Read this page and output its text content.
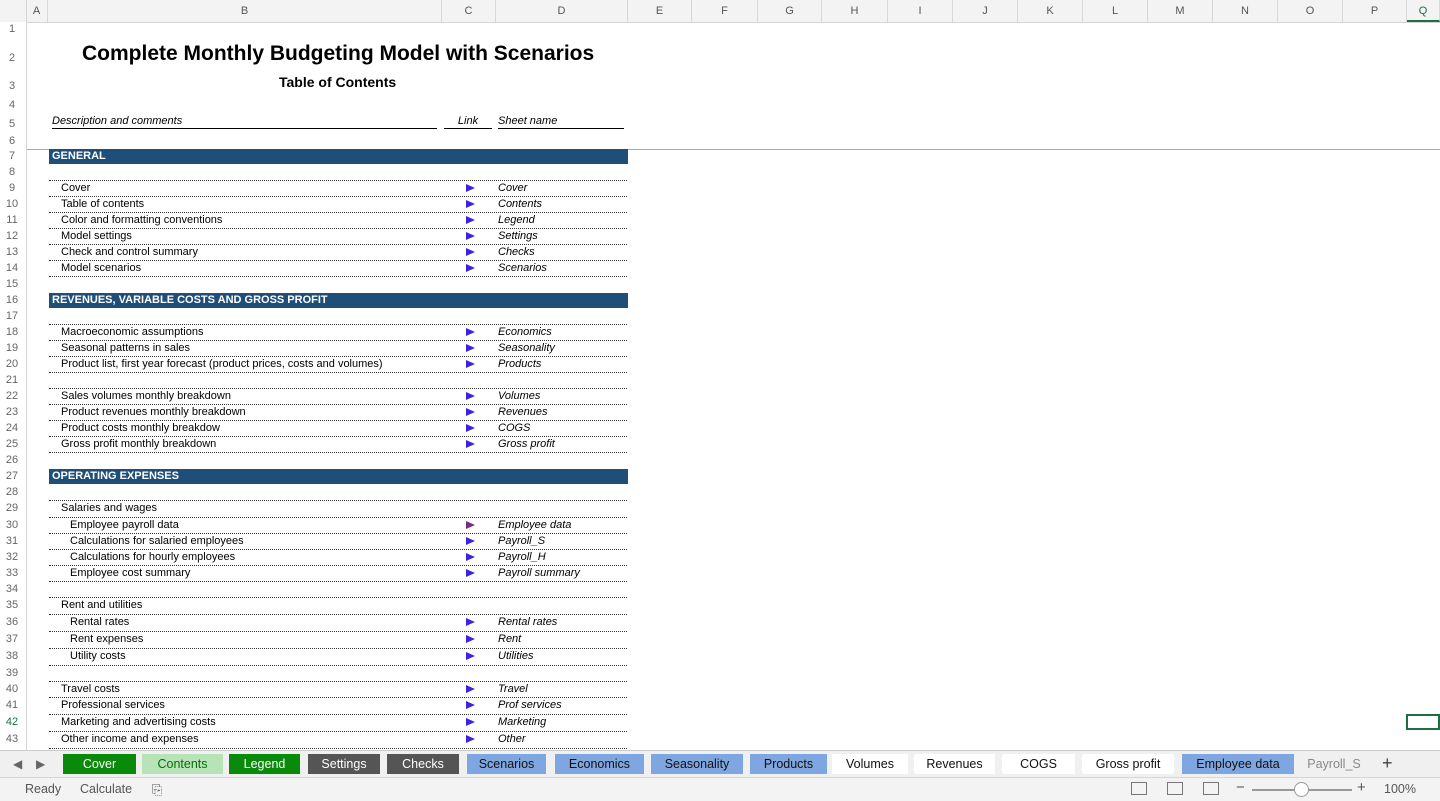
A	B	C	D	E	F	G	H	I	J	K	L	M	N	O	P	Q
1
2
3
4
5
6
7
8
9
10
11
12
13
14
15
16
17
18
19
20
21
22
23
24
25
26
27
28
29
30
31
32
33
34
35
36
37
38
39
40
41
42
43
Complete Monthly Budgeting Model with Scenarios
Table of Contents
Description and comments	Link	Sheet name
GENERAL
Cover	Cover
Table of contents	Contents
Color and formatting conventions	Legend
Model settings	Settings
Check and control summary	Checks
Model scenarios	Scenarios
REVENUES, VARIABLE COSTS AND GROSS PROFIT
Macroeconomic assumptions	Economics
Seasonal patterns in sales	Seasonality
Product list, first year forecast (product prices, costs and volumes)	Products
Sales volumes monthly breakdown	Volumes
Product revenues monthly breakdown	Revenues
Product costs monthly breakdow	COGS
Gross profit monthly breakdown	Gross profit
OPERATING EXPENSES
Salaries and wages
Employee payroll data	Employee data
Calculations for salaried employees	Payroll_S
Calculations for hourly employees	Payroll_H
Employee cost summary	Payroll summary
Rent and utilities
Rental rates	Rental rates
Rent expenses	Rent
Utility costs	Utilities
Travel costs	Travel
Professional services	Prof services
Marketing and advertising costs	Marketing
Other income and expenses	Other
◀ ▶	Cover	Contents	Legend	Settings	Checks	Scenarios	Economics	Seasonality	Products	Volumes	Revenues	COGS	Gross profit	Employee data	Payroll_S	+
Ready Calculate ⎘	−	+ 100%
